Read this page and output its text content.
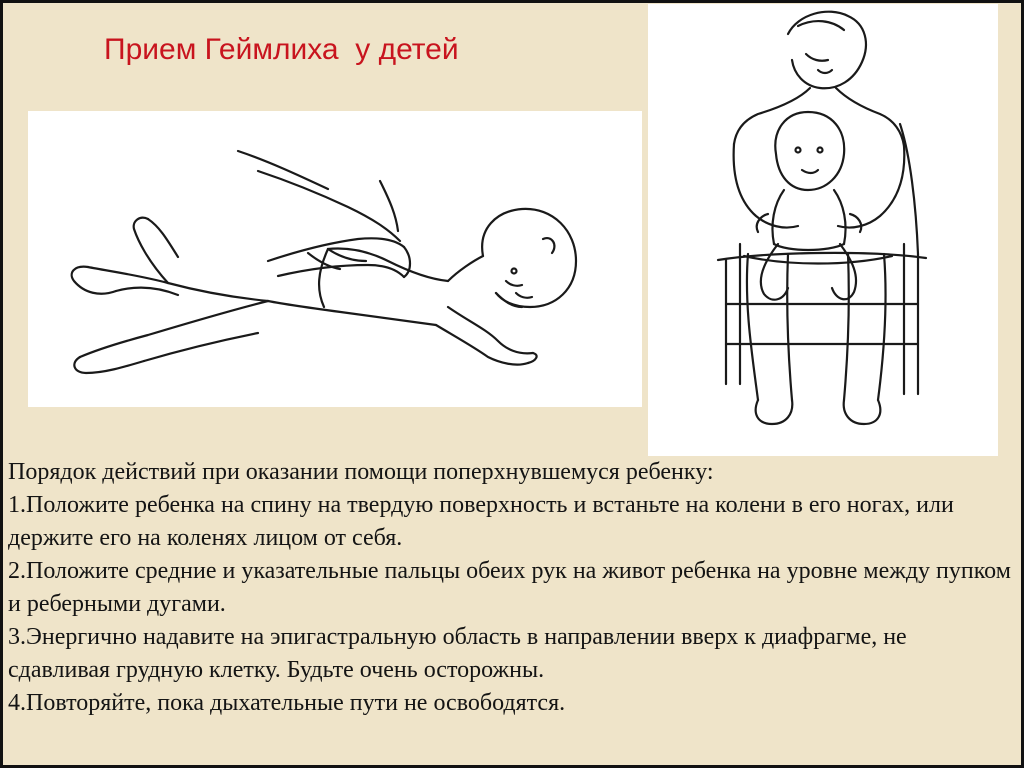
Прием Геймлиха  у детей

Порядок действий при оказании помощи поперхнувшемуся ребенку:

1.Положите ребенка на спину на твердую поверхность и встаньте на колени в его ногах, или держите его на коленях лицом от себя.

2.Положите средние и указательные пальцы обеих рук на живот ребенка на уровне между пупком и реберными дугами.

3.Энергично надавите на эпигастральную область в направлении вверх к диафрагме, не сдавливая грудную клетку. Будьте очень осторожны.

4.Повторяйте, пока дыхательные пути не освободятся.
